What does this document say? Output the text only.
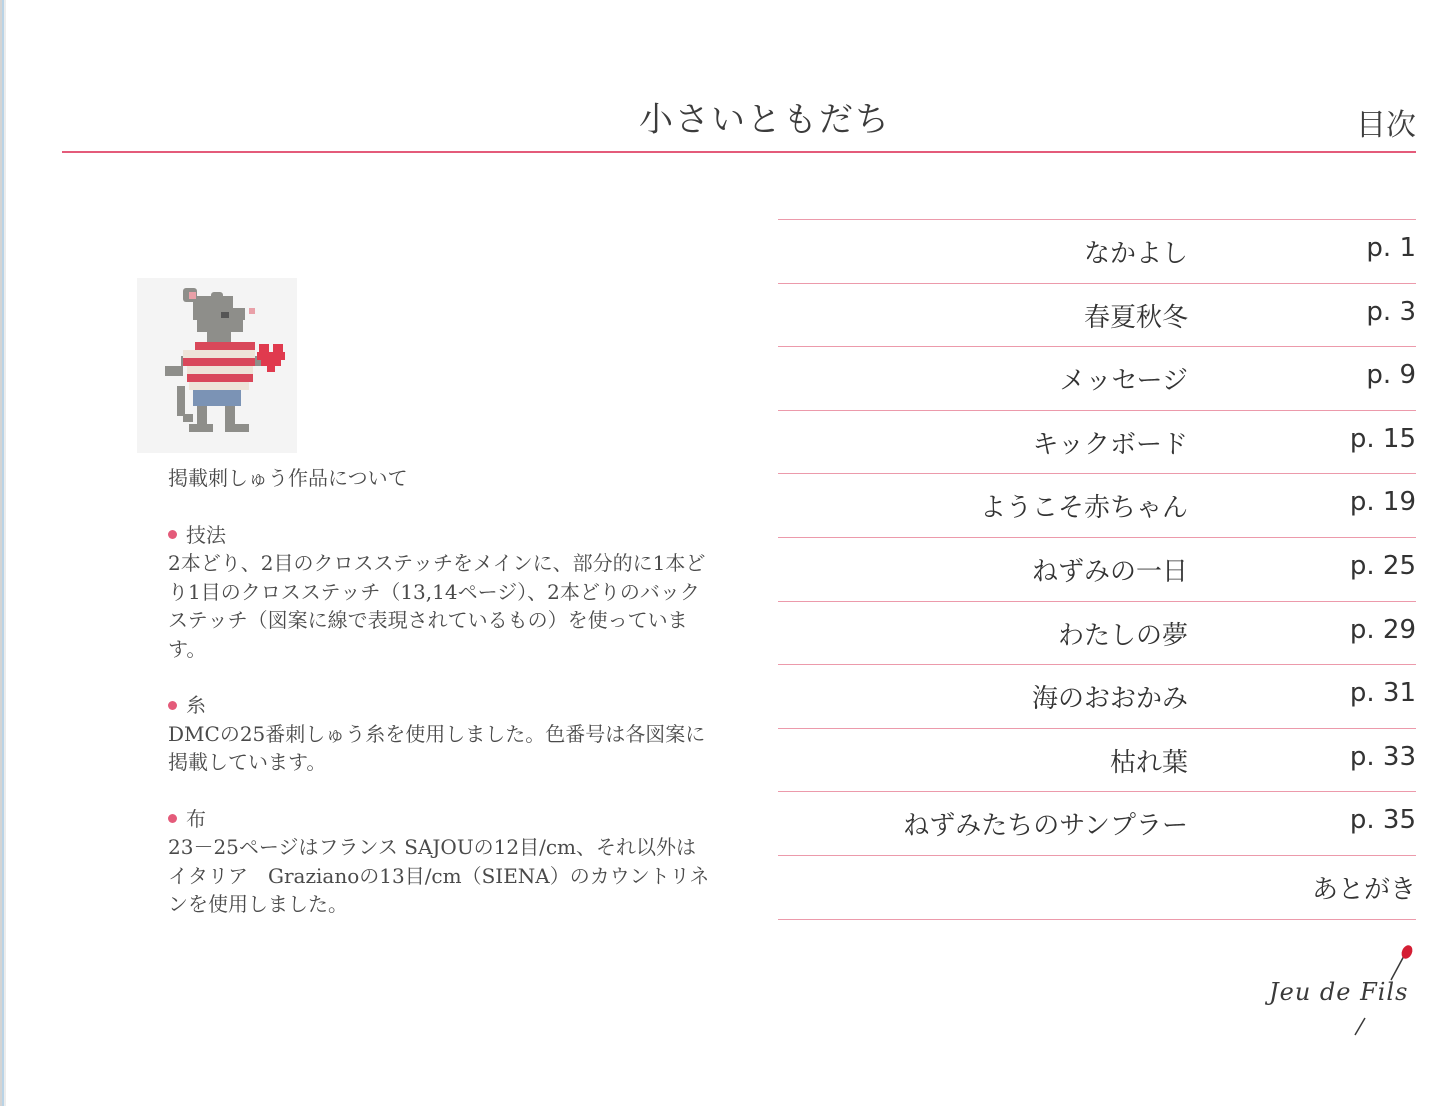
小さいともだち	目次
なかよし	p. 1
春夏秋冬	p. 3
メッセージ	p. 9
キックボード	p. 15
ようこそ赤ちゃん	p. 19
ねずみの一日	p. 25
わたしの夢	p. 29
海のおおかみ	p. 31
枯れ葉	p. 33
ねずみたちのサンプラー	p. 35
あとがき

掲載刺しゅう作品について

技法

2本どり、2目のクロスステッチをメインに、部分的に1本どり1目のクロスステッチ（13,14ページ）、2本どりのバックステッチ（図案に線で表現されているもの）を使っています。

糸

DMCの25番刺しゅう糸を使用しました。色番号は各図案に掲載しています。

布

23－25ページはフランス SAJOUの12目/cm、それ以外はイタリア　Grazianoの13目/cm（SIENA）のカウントリネンを使用しました。

Jeu de Fils
